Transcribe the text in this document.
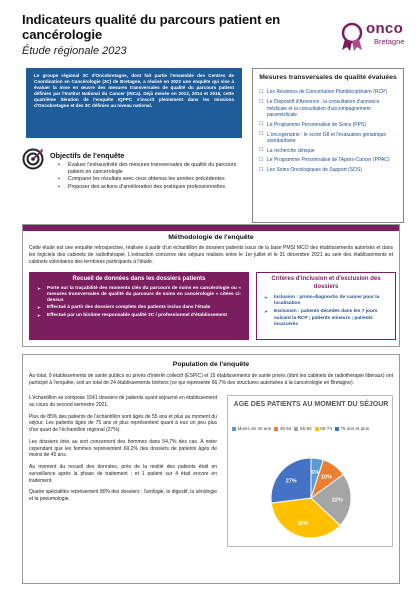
Indicateurs qualité du parcours patient en cancérologie
Étude régionale 2023
onco
Bretagne
Le groupe régional 3C d'Oncobretagne, dont fait partie l'ensemble des Centres de Coordination en Cancérologie (3C) de Bretagne, a réalisé en 2022 une enquête qui vise à évaluer la mise en œuvre des mesures transversales de qualité du parcours patient définies par l'Institut National du Cancer (INCa). Déjà menée en 2012, 2014 et 2016, cette quatrième itération de l'enquête IQPPC s'inscrit pleinement dans les missions d'Oncobretagne et des 3C définies au niveau national.
Objectifs de l'enquête
• Évaluer l'exhaustivité des mesures transversales de qualité du parcours patient en cancérologie
• Comparer les résultats avec ceux obtenus les années précédentes
• Proposer des actions d'amélioration des pratiques professionnelles
Mesures transversales de qualité évaluées
☐ Les Réunions de Concertation Pluridisciplinaire (RCP)
☐ Le Dispositif d'Annonce : la consultation d'annonce médicale et la consultation d'accompagnement paramédicale
☐ Le Programme Personnalisé de Soins (PPS)
☐ L'oncogériatrie : le score G8 et l'évaluation gériatrique standardisée
☐ La recherche clinique
☐ Le Programme Personnalisé de l'Après-Cancer (PPAC)
☐ Les Soins Oncologiques de Support (SOS)
Méthodologie de l'enquête
Cette étude est une enquête rétrospective, réalisée à partir d'un échantillon de dossiers patients issus de la base PMSI MCO des établissements autorisés et dans les logiciels des cabinets de radiothérapie. L'extraction concerne des séjours réalisés entre le 1er juillet et le 31 décembre 2021 au sein des établissements et cabinets volontaires des territoires participants à l'étude.
Recueil de données dans les dossiers patients
➢ Porte sur la traçabilité des moments clés du parcours de soins en cancérologie ou « mesures transversales de qualité du parcours de soins en cancérologie » citées ci-dessus
➢ Effectué à partir des dossiers complets des patients inclus dans l'étude
➢ Effectué par un binôme responsable qualité 3C / professionnel d'établissement
Critères d'inclusion et d'exclusion des dossiers
➢ Inclusion : primo-diagnostic de cancer pour la localisation
➢ Exclusion : patients décédés dans les 7 jours suivant la RCP ; patients mineurs ; patients incarcérés
Population de l'enquête
Au total, 9 établissements de santé publics ou privés d'intérêt collectif (ESPIC) et 15 établissements de santé privés (dont les cabinets de radiothérapie libéraux) ont participé à l'enquête, soit un total de 24 établissements bretons (ce qui représente 66,7% des structures autorisées à la cancérologie en Bretagne).

L'échantillon se compose 1541 dossiers de patients ayant séjourné en établissement au cours du second semestre 2021.

Plus de 85% des patients de l'échantillon sont âgés de 55 ans et plus au moment du séjour. Les patients âgés de 75 ans et plus représentent quant à eux un peu plus d'un quart de l'échantillon régional (27%).

Les dossiers tirés au sort concernent des hommes dans 54,7% des cas. A noter cependant que les femmes représentent 69,2% des dossiers de patients âgés de moins de 45 ans.

Au moment du recueil des données, près de la moitié des patients était en surveillance après la phase de traitement ; et 1 patient sur 4 était encore en traitement.

Quatre spécialités représentent 80% des dossiers : l'urologie, le digestif, la sénologie et la pneumologie.

AGE DES PATIENTS AU MOMENT DU SÉJOUR
Moins de 45 ans 45-54 55-64 65-74 75 ans et plus
5%
10%
22%
36%
27%
